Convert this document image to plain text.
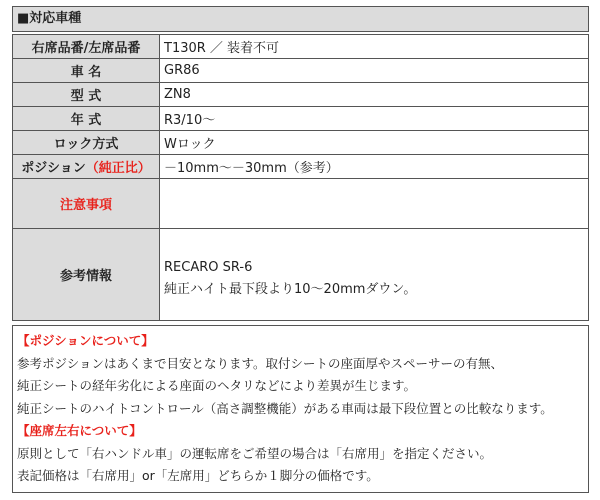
■対応車種
右席品番/左席品番	T130R ／ 装着不可
車 名	GR86
型 式	ZN8
年 式	R3/10～
ロック方式	Wロック
ポジション（純正比）	－10mm～－30mm（参考）
注意事項	
参考情報	RECARO SR-6
純正ハイト最下段より10～20mmダウン。
【ポジションについて】
参考ポジションはあくまで目安となります。取付シートの座面厚やスペーサーの有無、
純正シートの経年劣化による座面のヘタリなどにより差異が生じます。
純正シートのハイトコントロール（高さ調整機能）がある車両は最下段位置との比較なります。
【座席左右について】
原則として「右ハンドル車」の運転席をご希望の場合は「右席用」を指定ください。
表記価格は「右席用」or「左席用」どちらか１脚分の価格です。
